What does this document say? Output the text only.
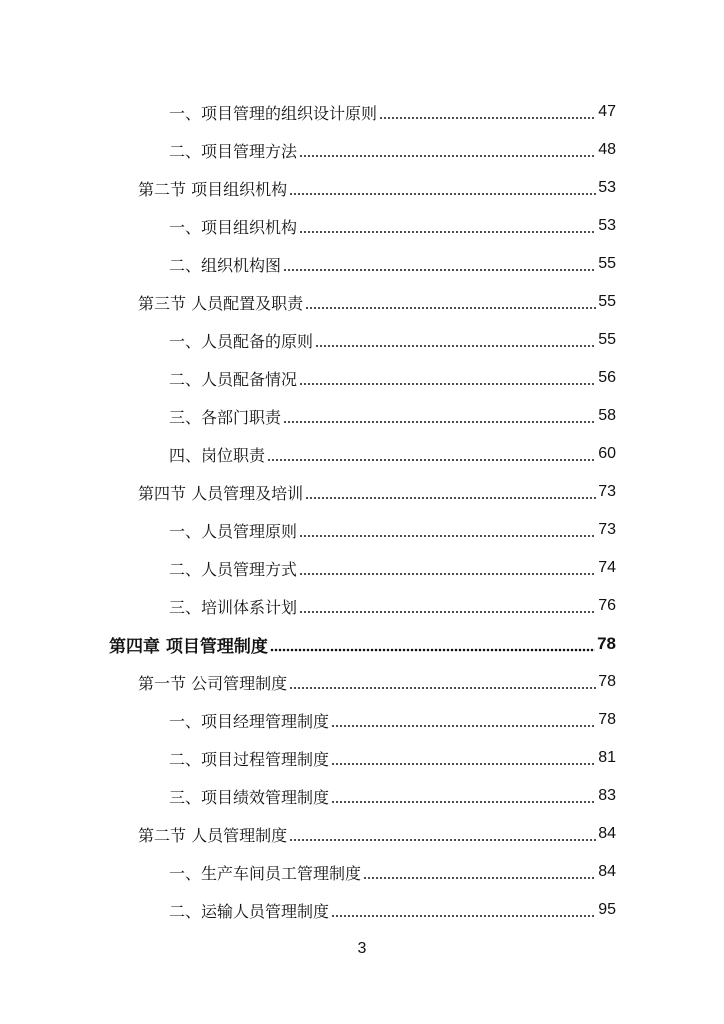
一、项目管理的组织设计原则	47
二、项目管理方法	48
第二节 项目组织机构	53
一、项目组织机构	53
二、组织机构图	55
第三节 人员配置及职责	55
一、人员配备的原则	55
二、人员配备情况	56
三、各部门职责	58
四、岗位职责	60
第四节 人员管理及培训	73
一、人员管理原则	73
二、人员管理方式	74
三、培训体系计划	76
第四章 项目管理制度	78
第一节 公司管理制度	78
一、项目经理管理制度	78
二、项目过程管理制度	81
三、项目绩效管理制度	83
第二节 人员管理制度	84
一、生产车间员工管理制度	84
二、运输人员管理制度	95
3
